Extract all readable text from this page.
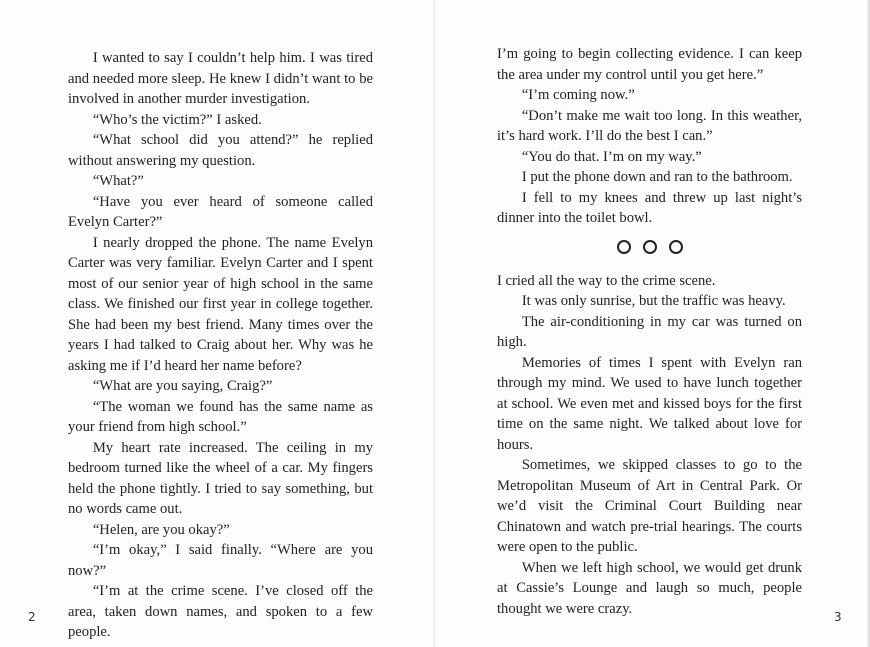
I wanted to say I couldn’t help him. I was tired and needed more sleep. He knew I didn’t want to be involved in another murder investigation.

“Who’s the victim?” I asked.

“What school did you attend?” he replied without answering my question.

“What?”

“Have you ever heard of someone called Evelyn Carter?”

I nearly dropped the phone. The name Evelyn Carter was very familiar. Evelyn Carter and I spent most of our senior year of high school in the same class. We finished our first year in college together. She had been my best friend. Many times over the years I had talked to Craig about her. Why was he asking me if I’d heard her name before?

“What are you saying, Craig?”

“The woman we found has the same name as your friend from high school.”

My heart rate increased. The ceiling in my bedroom turned like the wheel of a car. My fingers held the phone tightly. I tried to say something, but no words came out.

“Helen, are you okay?”

“I’m okay,” I said finally. “Where are you now?”

“I’m at the crime scene. I’ve closed off the area, taken down names, and spoken to a few people.

2

I’m going to begin collecting evidence. I can keep the area under my control until you get here.”

“I’m coming now.”

“Don’t make me wait too long. In this weather, it’s hard work. I’ll do the best I can.”

“You do that. I’m on my way.”

I put the phone down and ran to the bathroom.

I fell to my knees and threw up last night’s dinner into the toilet bowl.

I cried all the way to the crime scene.

It was only sunrise, but the traffic was heavy.

The air-conditioning in my car was turned on high.

Memories of times I spent with Evelyn ran through my mind. We used to have lunch together at school. We even met and kissed boys for the first time on the same night. We talked about love for hours.

Sometimes, we skipped classes to go to the Metropolitan Museum of Art in Central Park. Or we’d visit the Criminal Court Building near Chinatown and watch pre-trial hearings. The courts were open to the public.

When we left high school, we would get drunk at Cassie’s Lounge and laugh so much, people thought we were crazy.

3
